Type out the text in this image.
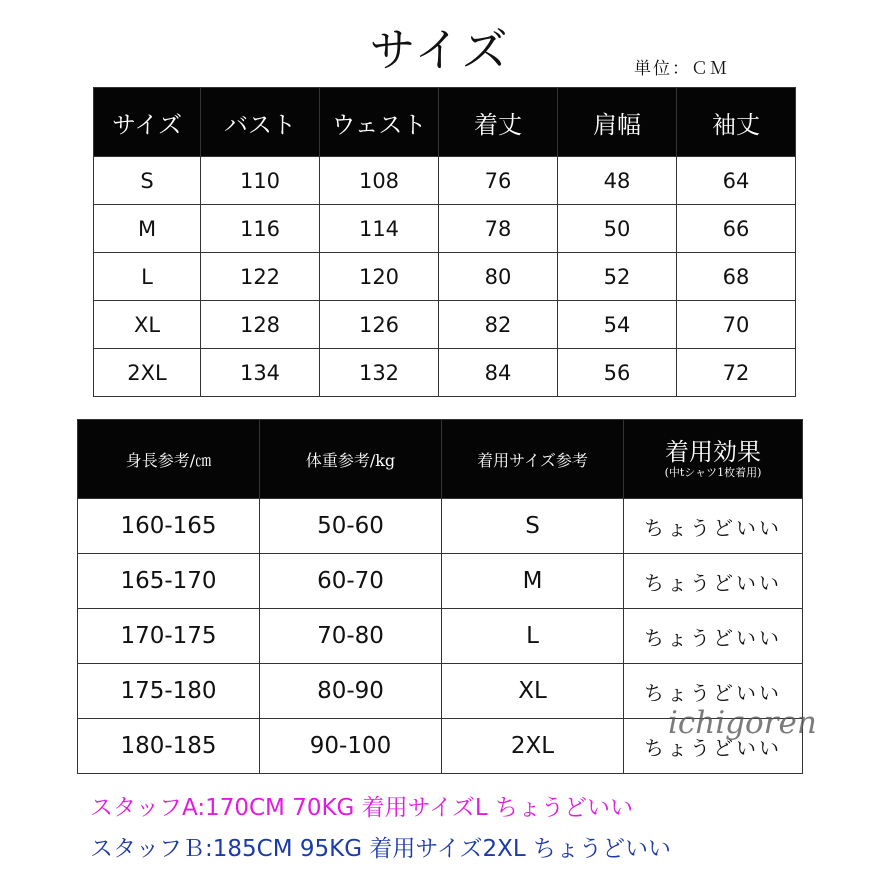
サイズ	単位：ＣＭ
サイズ	バスト	ウェスト	着丈	肩幅	袖丈
S	110	108	76	48	64
M	116	114	78	50	66
L	122	120	80	52	68
XL	128	126	82	54	70
2XL	134	132	84	56	72
身長参考/㎝	体重参考/kg	着用サイズ参考	着用効果
(中tシャツ1枚着用)

160-165	50-60	S	ちょうどいい
165-170	60-70	M	ちょうどいい
170-175	70-80	L	ちょうどいい
175-180	80-90	XL	ちょうどいい
180-185	90-100	2XL	ちょうどいい
ichigoren
スタッフA:170CM 70KG 着用サイズL ちょうどいい
スタッフＢ:185CM 95KG 着用サイズ2XL ちょうどいい
